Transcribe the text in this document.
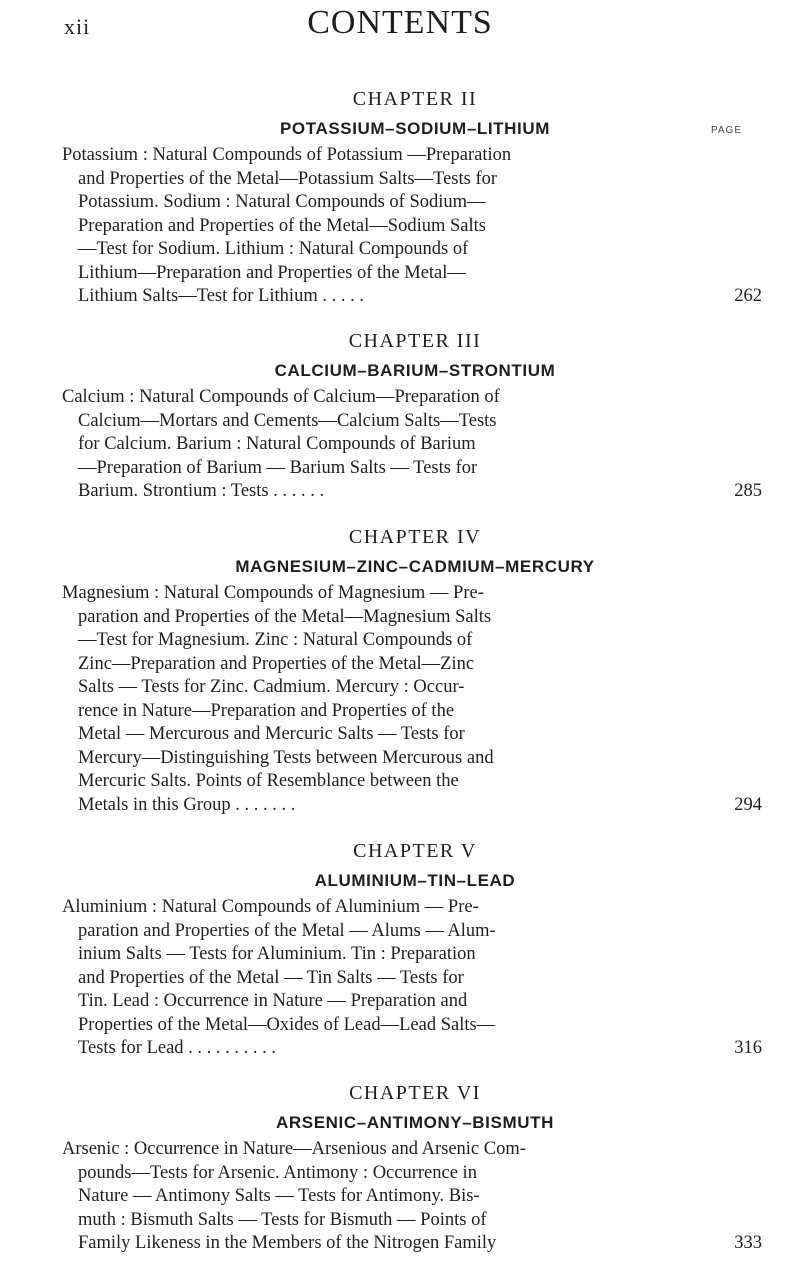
xii	CONTENTS
CHAPTER II
POTASSIUM–SODIUM–LITHIUM	PAGE
Potassium : Natural Compounds of Potassium —Preparation
and Properties of the Metal—Potassium Salts—Tests for
Potassium. Sodium : Natural Compounds of Sodium—
Preparation and Properties of the Metal—Sodium Salts
—Test for Sodium. Lithium : Natural Compounds of
Lithium—Preparation and Properties of the Metal—
Lithium Salts—Test for Lithium . . . . .	262
CHAPTER III
CALCIUM–BARIUM–STRONTIUM
Calcium : Natural Compounds of Calcium—Preparation of
Calcium—Mortars and Cements—Calcium Salts—Tests
for Calcium. Barium : Natural Compounds of Barium
—Preparation of Barium — Barium Salts — Tests for
Barium. Strontium : Tests . . . . . .	285
CHAPTER IV
MAGNESIUM–ZINC–CADMIUM–MERCURY
Magnesium : Natural Compounds of Magnesium — Pre-
paration and Properties of the Metal—Magnesium Salts
—Test for Magnesium. Zinc : Natural Compounds of
Zinc—Preparation and Properties of the Metal—Zinc
Salts — Tests for Zinc. Cadmium. Mercury : Occur-
rence in Nature—Preparation and Properties of the
Metal — Mercurous and Mercuric Salts — Tests for
Mercury—Distinguishing Tests between Mercurous and
Mercuric Salts. Points of Resemblance between the
Metals in this Group . . . . . . .	294
CHAPTER V
ALUMINIUM–TIN–LEAD
Aluminium : Natural Compounds of Aluminium — Pre-
paration and Properties of the Metal — Alums — Alum-
inium Salts — Tests for Aluminium. Tin : Preparation
and Properties of the Metal — Tin Salts — Tests for
Tin. Lead : Occurrence in Nature — Preparation and
Properties of the Metal—Oxides of Lead—Lead Salts—
Tests for Lead . . . . . . . . . .	316
CHAPTER VI
ARSENIC–ANTIMONY–BISMUTH
Arsenic : Occurrence in Nature—Arsenious and Arsenic Com-
pounds—Tests for Arsenic. Antimony : Occurrence in
Nature — Antimony Salts — Tests for Antimony. Bis-
muth : Bismuth Salts — Tests for Bismuth — Points of
Family Likeness in the Members of the Nitrogen Family	333
